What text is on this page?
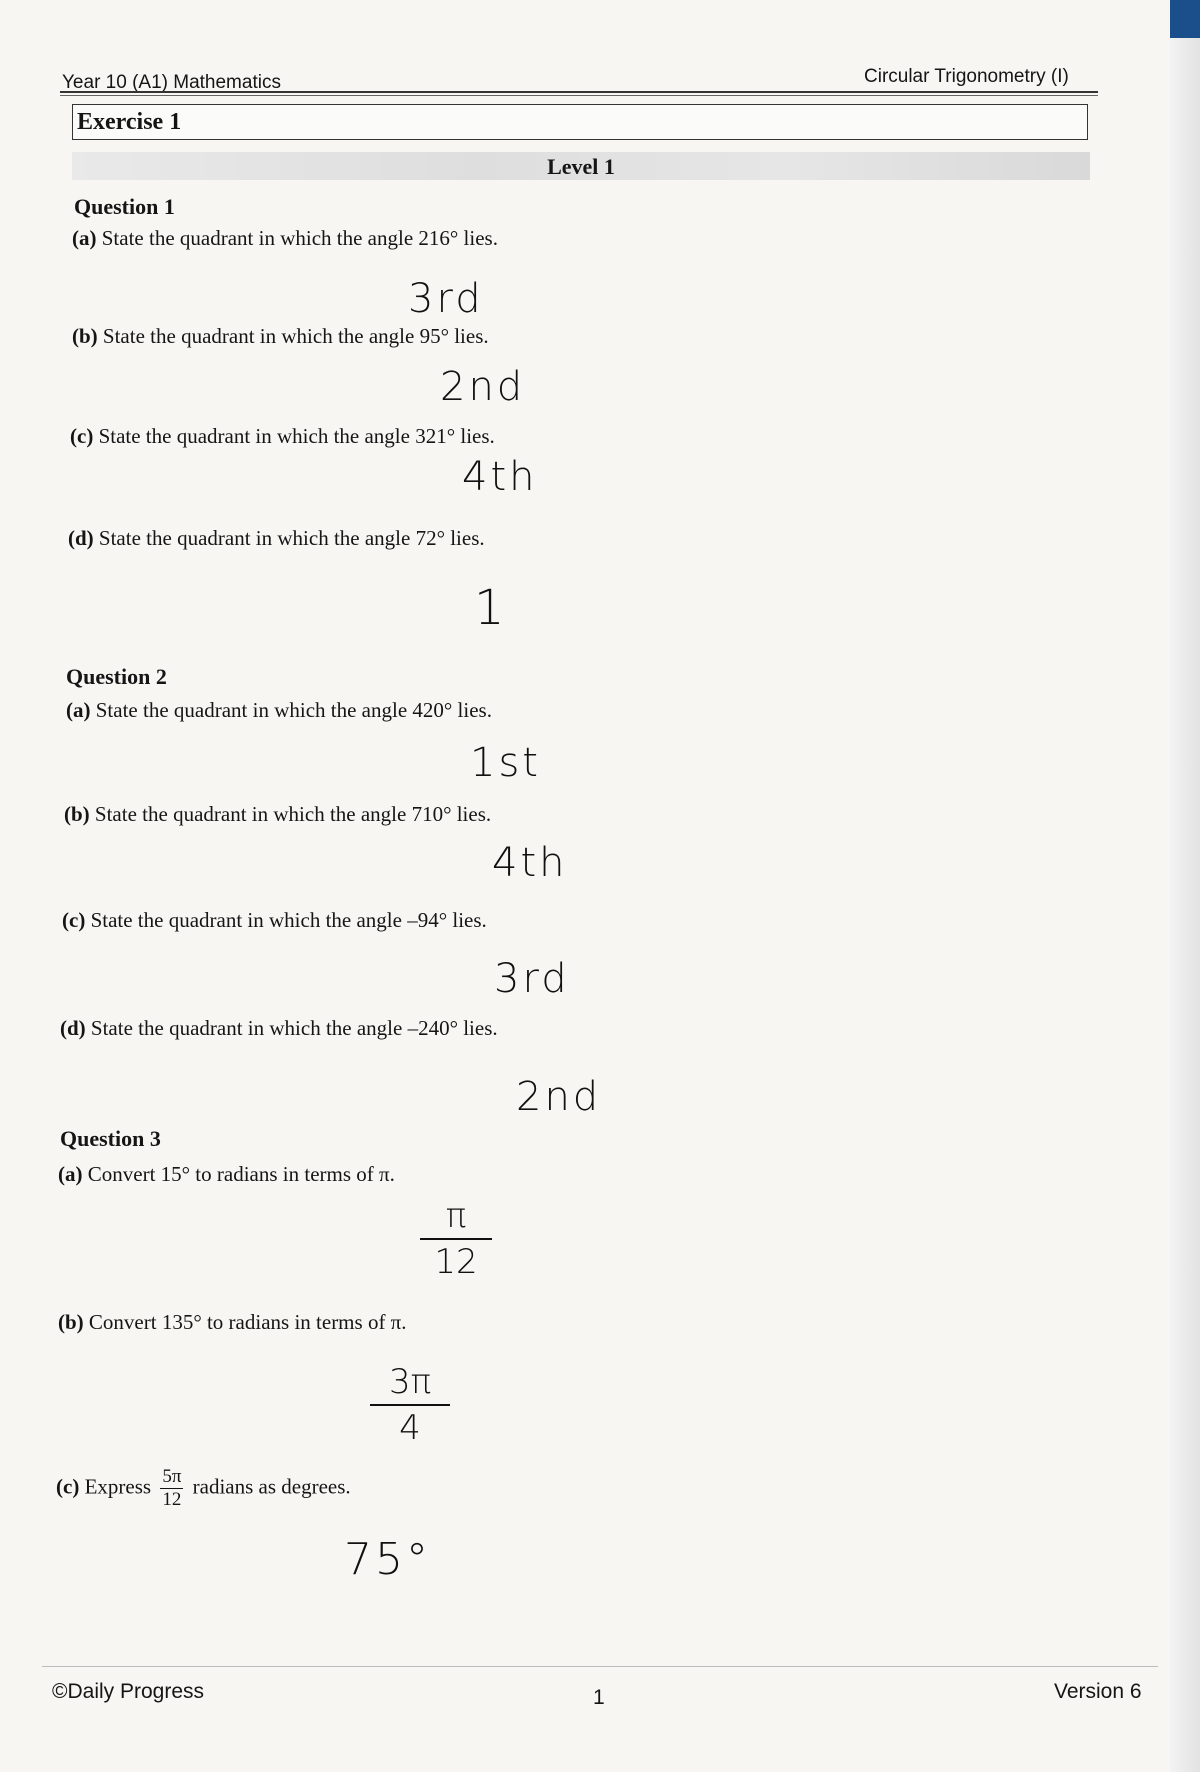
Year 10 (A1) Mathematics	Circular Trigonometry (I)
Exercise 1
Level 1
Question 1
(a) State the quadrant in which the angle 216° lies.
3rd
(b) State the quadrant in which the angle 95° lies.
2nd
(c) State the quadrant in which the angle 321° lies.
4th
(d) State the quadrant in which the angle 72° lies.
1
Question 2
(a) State the quadrant in which the angle 420° lies.
1st
(b) State the quadrant in which the angle 710° lies.
4th
(c) State the quadrant in which the angle –94° lies.
3rd
(d) State the quadrant in which the angle –240° lies.
2nd
Question 3
(a) Convert 15° to radians in terms of π.
π
12
(b) Convert 135° to radians in terms of π.
3π
4
(c) Express $\frac{5\pi}{12}$ radians as degrees.
75°
©Daily Progress	1	Version 6
